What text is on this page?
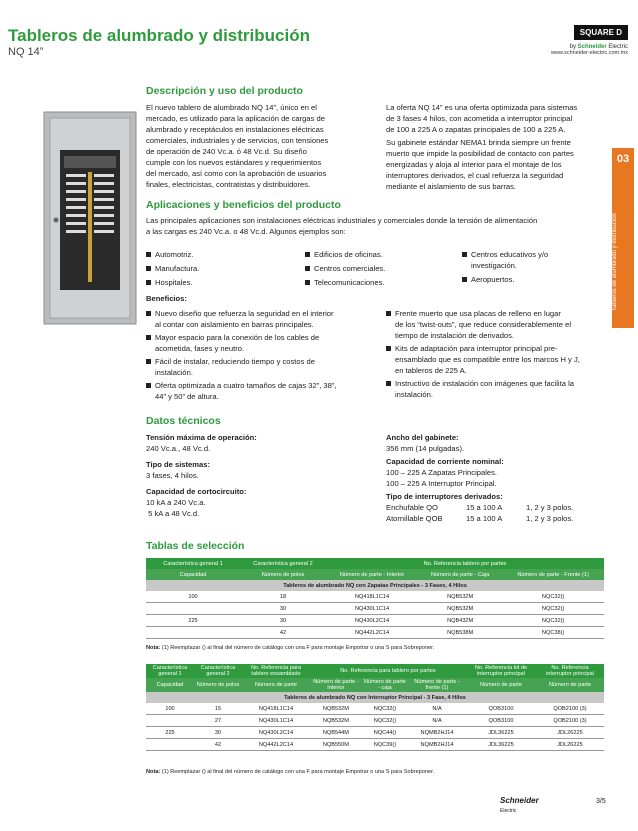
Tableros de alumbrado y distribución
NQ 14”
SQUARE D
by Schneider Electric
www.schneider-electric.com.mx
03
Tableros de alumbrado y distribución
Descripción y uso del producto
El nuevo tablero de alumbrado NQ 14”, único en el
mercado, es utilizado para la aplicación de cargas de
alumbrado y receptáculos en instalaciones eléctricas
comerciales, industriales y de servicios, con tensiones
de operación de 240 Vc.a. ó 48 Vc.d. Su diseño
cumple con los nuevos estándares y requerimientos
del mercado, así como con la aprobación de usuarios
finales, electricistas, contratistas y distribuidores.
La oferta NQ 14” es una oferta optimizada para sistemas
de 3 fases 4 hilos, con acometida a interruptor principal
de 100 a 225 A o zapatas principales de 100 a 225 A.
Su gabinete estándar NEMA1 brinda siempre un frente
muerto que impide la posibilidad de contacto con partes
energizadas y aloja al interior para el montaje de los
interruptores derivados, el cual refuerza la seguridad
mediante el aislamiento de sus barras.
Aplicaciones y beneficios del producto
Las principales aplicaciones son instalaciones eléctricas industriales y comerciales donde la tensión de alimentación
a las cargas es 240 Vc.a. o 48 Vc.d. Algunos ejemplos son:
Automotriz.
Manufactura.
Hospitales.
Edificios de oficinas.
Centros comerciales.
Telecomunicaciones.
Centros educativos y/o
investigación.
Aeropuertos.
Beneficios:
Nuevo diseño que refuerza la seguridad en el interior
al contar con aislamiento en barras principales.
Mayor espacio para la conexión de los cables de
acometida, fases y neutro.
Fácil de instalar, reduciendo tiempo y costos de
instalación.
Oferta optimizada a cuatro tamaños de cajas 32”, 38”,
44” y 50” de altura.
Frente muerto que usa placas de relleno en lugar
de los “twist-outs”, que reduce considerablemente el
tiempo de instalación de derivados.
Kits de adaptación para interruptor principal pre-
ensamblado que es compatible entre los marcos H y J,
en tableros de 225 A.
Instructivo de instalación con imágenes que facilita la
instalación.
Datos técnicos
Tensión máxima de operación:
240 Vc.a., 48 Vc.d.
Tipo de sistemas:
3 fases, 4 hilos.
Capacidad de cortocircuito:
10 kA a 240 Vc.a.
5 kA a 48 Vc.d.
Ancho del gabinete:
356 mm (14 pulgadas).
Capacidad de corriente nominal:
100 – 225 A Zapatas Principales.
100 – 225 A Interruptor Principal.
Tipo de interruptores derivados:
Enchufable QO	15 a 100 A	1, 2 y 3 polos.
Atornillable QOB	15 a 100 A	1, 2 y 3 polos.
Tablas de selección
Característica general 1	Característica general 2	No. Referencia tablero por partes		
Capacidad	Número de polos	Número de parte - Interior	Número de parte - Caja	Número de parte - Frente (1)
Tableros de alumbrado NQ con Zapatas Principales - 3 Fases, 4 Hilos				
100	18	NQ418L1C14	NQB532M	NQC32()
	30	NQ430L1C14	NQB532M	NQC32()
225	30	NQ430L2C14	NQB432M	NQC32()
	42	NQ442L2C14	NQB538M	NQC38()
Nota: (1) Reemplazar () al final del número de catálogo con una F para montaje Empotrar o una S para Sobreponer.
Característica general 1	Característica general 2	No. Referencia para tablero ensamblado	No. Referencia para tablero por partes			No. Referencia kit de interruptor principal	No. Referencia interruptor principal
Capacidad	Número de polos	Número de parte	Número de parte - interior	Número de parte - caja	Número de parte - frente (1)	Número de parte	Número de parte
Tableros de alumbrado NQ con Interruptor Principal - 3 Fase, 4 Hilos							
100	15	NQ418L1C14	NQB532M	NQC32()	N/A	QOB3100	QOB2100 (3)
	27	NQ430L1C14	NQB532M	NQC32()	N/A	QOB3100	QOB2100 (3)
225	30	NQ430L2C14	NQB544M	NQC44()	NQMB2HJ14	JDL36225	JDL26225
	42	NQ442L2C14	NQB550M	NQC39()	NQMB2HJ14	JDL36225	JDL26225
Nota: (1) Reemplazar () al final del número de catálogo con una F para montaje Empotrar o una S para Sobreponer.
Schneider
Electric
3/5
